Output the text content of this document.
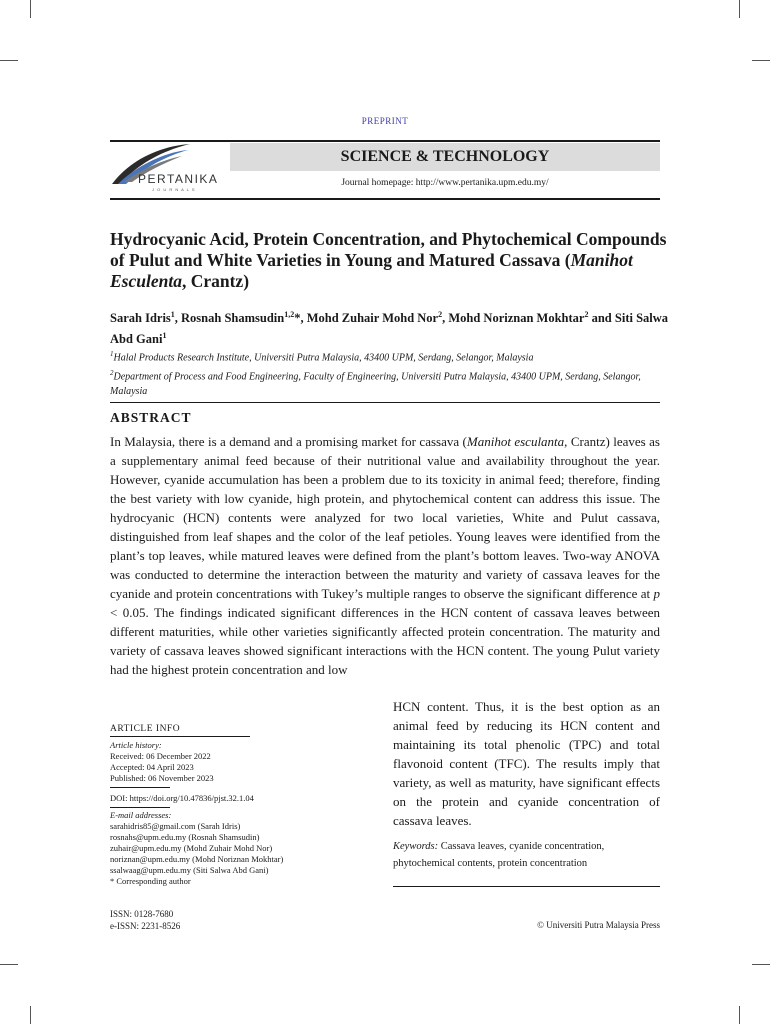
PREPRINT
PERTANIKA
J O U R N A L S
SCIENCE & TECHNOLOGY
Journal homepage: http://www.pertanika.upm.edu.my/
Hydrocyanic Acid, Protein Concentration, and Phytochemical Compounds of Pulut and White Varieties in Young and Matured Cassava (Manihot Esculenta, Crantz)
Sarah Idris$^1$, Rosnah Shamsudin$^{1,2}$*, Mohd Zuhair Mohd Nor$^2$, Mohd Noriznan Mokhtar$^2$ and Siti Salwa Abd Gani$^1$
$^1$Halal Products Research Institute, Universiti Putra Malaysia, 43400 UPM, Serdang, Selangor, Malaysia
$^2$Department of Process and Food Engineering, Faculty of Engineering, Universiti Putra Malaysia, 43400 UPM, Serdang, Selangor, Malaysia
ABSTRACT

In Malaysia, there is a demand and a promising market for cassava (Manihot esculanta, Crantz) leaves as a supplementary animal feed because of their nutritional value and availability throughout the year. However, cyanide accumulation has been a problem due to its toxicity in animal feed; therefore, finding the best variety with low cyanide, high protein, and phytochemical content can address this issue. The hydrocyanic (HCN) contents were analyzed for two local varieties, White and Pulut cassava, distinguished from leaf shapes and the color of the leaf petioles. Young leaves were identified from the plant’s top leaves, while matured leaves were defined from the plant’s bottom leaves. Two-way ANOVA was conducted to determine the interaction between the maturity and variety of cassava leaves for the cyanide and protein concentrations with Tukey’s multiple ranges to observe the significant difference at p < 0.05. The findings indicated significant differences in the HCN content of cassava leaves between different maturities, while other varieties significantly affected protein concentration. The maturity and variety of cassava leaves showed significant interactions with the HCN content. The young Pulut variety had the highest protein concentration and low

HCN content. Thus, it is the best option as an animal feed by reducing its HCN content and maintaining its total phenolic (TPC) and total flavonoid content (TFC). The results imply that variety, as well as maturity, have significant effects on the protein and cyanide concentration of cassava leaves.
Keywords: Cassava leaves, cyanide concentration, phytochemical contents, protein concentration
ARTICLE INFO
Article history:
Received: 06 December 2022
Accepted: 04 April 2023
Published: 06 November 2023
DOI: https://doi.org/10.47836/pjst.32.1.04
E-mail addresses:
sarahidris85@gmail.com (Sarah Idris)
rosnahs@upm.edu.my (Rosnah Shamsudin)
zuhair@upm.edu.my (Mohd Zuhair Mohd Nor)
noriznan@upm.edu.my (Mohd Noriznan Mokhtar)
ssalwaag@upm.edu.my (Siti Salwa Abd Gani)
* Corresponding author
ISSN: 0128-7680
e-ISSN: 2231-8526	© Universiti Putra Malaysia Press
